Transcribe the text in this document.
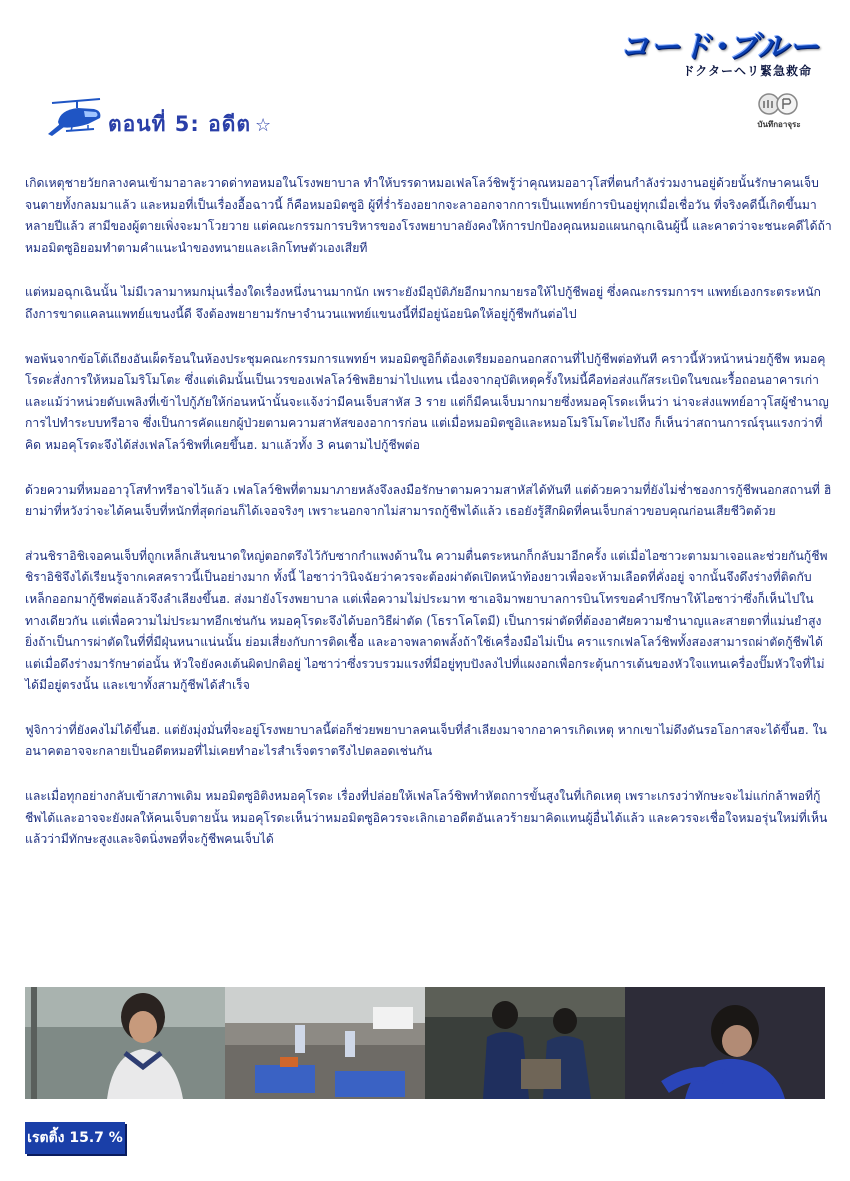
コード･ブルー
ドクターヘリ緊急救命
ตอนที่ 5: อดีต ☆	บันทึกอาจุระ

เกิดเหตุชายวัยกลางคนเข้ามาอาละวาดด่าทอหมอในโรงพยาบาล ทำให้บรรดาหมอเฟลโลว์ชิพรู้ว่าคุณหมออาวุโสที่ตนกำลังร่วมงานอยู่ด้วยนั้นรักษาคนเจ็บจนตายทั้งกลมมาแล้ว และหมอที่เป็นเรื่องอื้อฉาวนี้ ก็คือหมอมิตซูอิ ผู้ที่ร่ำร้องอยากจะลาออกจากการเป็นแพทย์การบินอยู่ทุกเมื่อเชื่อวัน ที่จริงคดีนี้เกิดขึ้นมาหลายปีแล้ว สามีของผู้ตายเพิ่งจะมาโวยวาย แต่คณะกรรมการบริหารของโรงพยาบาลยังคงให้การปกป้องคุณหมอแผนกฉุกเฉินผู้นี้ และคาดว่าจะชนะคดีได้ถ้าหมอมิตซูอิยอมทำตามคำแนะนำของทนายและเลิกโทษตัวเองเสียที

แต่หมอฉุกเฉินนั้น ไม่มีเวลามาหมกมุ่นเรื่องใดเรื่องหนึ่งนานมากนัก เพราะยังมีอุบัติภัยอีกมากมายรอให้ไปกู้ชีพอยู่ ซึ่งคณะกรรมการฯ แพทย์เองกระตระหนักถึงการขาดแคลนแพทย์แขนงนี้ดี จึงต้องพยายามรักษาจำนวนแพทย์แขนงนี้ที่มีอยู่น้อยนิดให้อยู่กู้ชีพกันต่อไป

พอพ้นจากข้อโต้เถียงอันเผ็ดร้อนในห้องประชุมคณะกรรมการแพทย์ฯ หมอมิตซูอิก็ต้องเตรียมออกนอกสถานที่ไปกู้ชีพต่อทันที คราวนี้หัวหน้าหน่วยกู้ชีพ หมอคุโรดะสั่งการให้หมอโมริโมโตะ ซึ่งแต่เดิมนั้นเป็นเวรของเฟลโลว์ชิพฮิยาม่าไปแทน เนื่องจากอุบัติเหตุครั้งใหม่นี้คือท่อส่งแก๊สระเบิดในขณะรื้อถอนอาคารเก่า และแม้ว่าหน่วยดับเพลิงที่เข้าไปกู้ภัยให้ก่อนหน้านั้นจะแจ้งว่ามีคนเจ็บสาหัส 3 ราย แต่ก็มีคนเจ็บมากมายซึ่งหมอคุโรดะเห็นว่า น่าจะส่งแพทย์อาวุโสผู้ชำนาญการไปทำระบบทรีอาจ ซึ่งเป็นการคัดแยกผู้ป่วยตามความสาหัสของอาการก่อน แต่เมื่อหมอมิตซูอิและหมอโมริโมโตะไปถึง ก็เห็นว่าสถานการณ์รุนแรงกว่าที่คิด หมอคุโรดะจึงได้ส่งเฟลโลว์ชิพที่เคยขึ้นฮ. มาแล้วทั้ง 3 คนตามไปกู้ชีพต่อ

ด้วยความที่หมออาวุโสทำทรีอาจไว้แล้ว เฟลโลว์ชิพที่ตามมาภายหลังจึงลงมือรักษาตามความสาหัสได้ทันที แต่ด้วยความที่ยังไม่ช่ำชองการกู้ชีพนอกสถานที่ ฮิยาม่าที่หวังว่าจะได้คนเจ็บที่หนักที่สุดก่อนก็ได้เจอจริงๆ เพราะนอกจากไม่สามารถกู้ชีพได้แล้ว เธอยังรู้สึกผิดที่คนเจ็บกล่าวขอบคุณก่อนเสียชีวิตด้วย

ส่วนชิราอิชิเจอคนเจ็บที่ถูกเหล็กเส้นขนาดใหญ่ตอกตรึงไว้กับซากกำแพงด้านใน ความตื่นตระหนกก็กลับมาอีกครั้ง แต่เมื่อไอซาวะตามมาเจอและช่วยกันกู้ชีพ ชิราอิชิจึงได้เรียนรู้จากเคสคราวนี้เป็นอย่างมาก ทั้งนี้ ไอซาว่าวินิจฉัยว่าควรจะต้องผ่าตัดเปิดหน้าท้องยาวเพื่อจะห้ามเลือดที่คั่งอยู่ จากนั้นจึงดึงร่างที่ติดกับเหล็กออกมากู้ชีพต่อแล้วจึงลำเลียงขึ้นฮ. ส่งมายังโรงพยาบาล แต่เพื่อความไม่ประมาท ซาเอจิมาพยาบาลการบินโทรขอคำปรึกษาให้ไอซาว่าซึ่งก็เห็นไปในทางเดียวกัน แต่เพื่อความไม่ประมาทอีกเช่นกัน หมอคุโรดะจึงได้บอกวิธีผ่าตัด (โธราโคโตมี) เป็นการผ่าตัดที่ต้องอาศัยความชำนาญและสายตาที่แม่นยำสูง ยิ่งถ้าเป็นการผ่าตัดในที่ที่มีฝุ่นหนาแน่นนั้น ย่อมเสี่ยงกับการติดเชื้อ และอาจพลาดพลั้งถ้าใช้เครื่องมือไม่เป็น คราแรกเฟลโลว์ชิพทั้งสองสามารถผ่าตัดกู้ชีพได้ แต่เมื่อดึงร่างมารักษาต่อนั้น หัวใจยังคงเต้นผิดปกติอยู่ ไอซาว่าซึ่งรวบรวมแรงที่มีอยู่ทุบปังลงไปที่แผงอกเพื่อกระตุ้นการเต้นของหัวใจแทนเครื่องปั๊มหัวใจที่ไม่ได้มีอยู่ตรงนั้น และเขาทั้งสามกู้ชีพได้สำเร็จ

ฟูจิกาว่าที่ยังคงไม่ได้ขึ้นฮ. แต่ยังมุ่งมั่นที่จะอยู่โรงพยาบาลนี้ต่อก็ช่วยพยาบาลคนเจ็บที่ลำเลียงมาจากอาคารเกิดเหตุ หากเขาไม่ดึงดันรอโอกาสจะได้ขึ้นฮ. ในอนาคตอาจจะกลายเป็นอดีตหมอที่ไม่เคยทำอะไรสำเร็จตราตรึงไปตลอดเช่นกัน

และเมื่อทุกอย่างกลับเข้าสภาพเดิม หมอมิตซูอิติงหมอคุโรดะ เรื่องที่ปล่อยให้เฟลโลว์ชิพทำหัตถการขั้นสูงในที่เกิดเหตุ เพราะเกรงว่าทักษะจะไม่แก่กล้าพอที่กู้ชีพได้และอาจจะยังผลให้คนเจ็บตายนั้น หมอคุโรดะเห็นว่าหมอมิตซูอิควรจะเลิกเอาอดีตอันเลวร้ายมาคิดแทนผู้อื่นได้แล้ว และควรจะเชื่อใจหมอรุ่นใหม่ที่เห็นแล้วว่ามีทักษะสูงและจิตนิ่งพอที่จะกู้ชีพคนเจ็บได้

เรตติ้ง 15.7 %
